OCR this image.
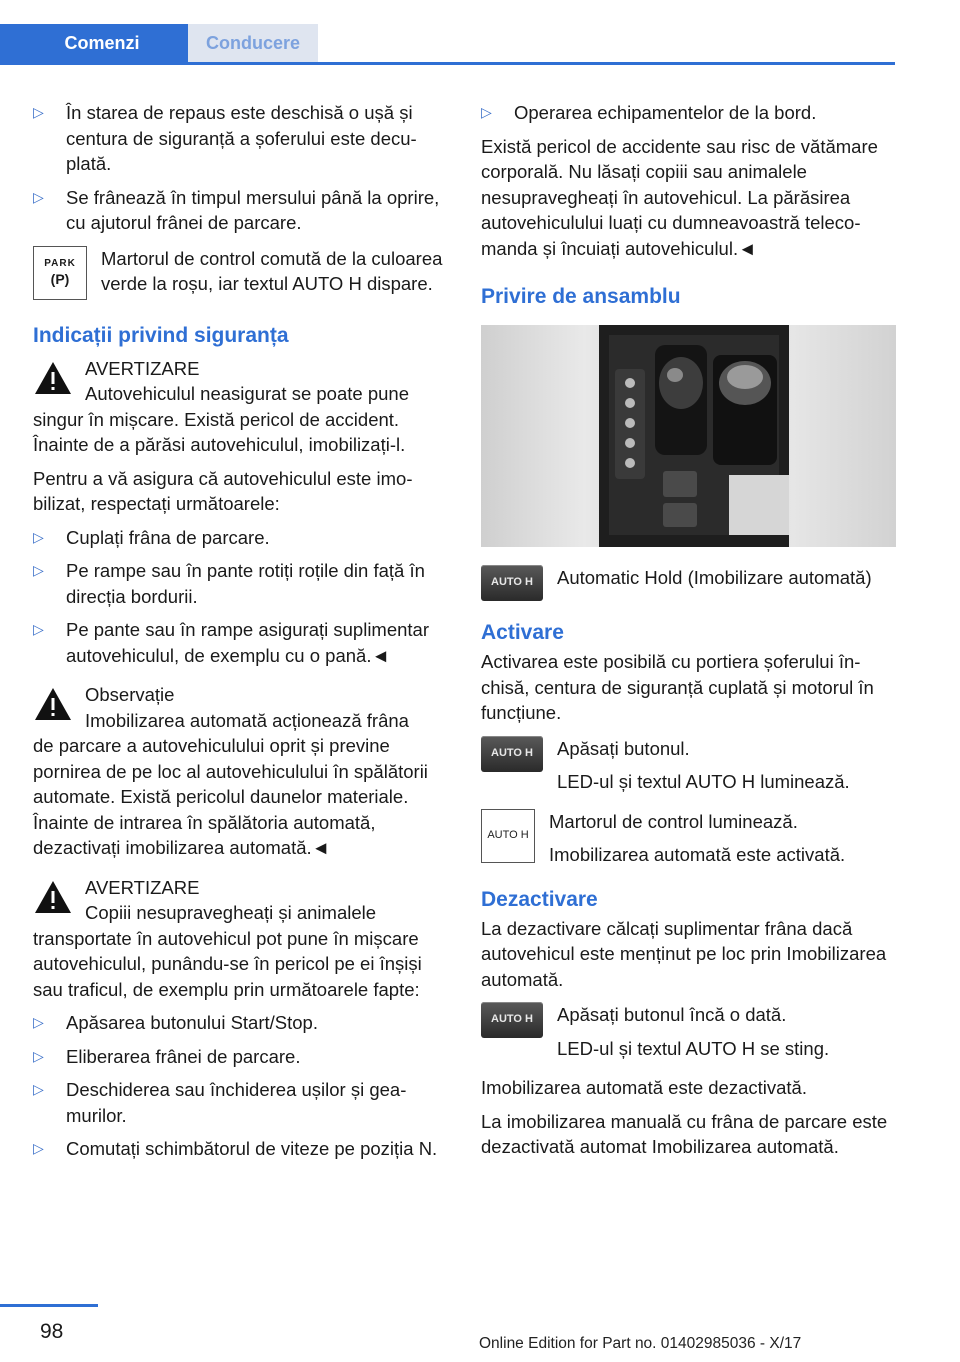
Comenzi	Conducere
▷	În starea de repaus este deschisă o ușă și centura de siguranță a șoferului este decuplată.
▷	Se frânează în timpul mersului până la oprire, cu ajutorul frânei de parcare.
PARK
(P)
Martorul de control comută de la culoarea verde la roșu, iar textul AUTO H dispare.
Indicații privind siguranța
AVERTIZARE
Autovehiculul neasigurat se poate pune
singur în mișcare. Există pericol de accident. Înainte de a părăsi autovehiculul, imobilizați-l.

Pentru a vă asigura că autovehiculul este imobilizat, respectați următoarele:

▷	Cuplați frâna de parcare.
▷	Pe rampe sau în pante rotiți roțile din față în direcția bordurii.
▷	Pe pante sau în rampe asigurați suplimentar autovehiculul, de exemplu cu o pană.◄
Observație
Imobilizarea automată acționează frâna
de parcare a autovehiculului oprit și previne pornirea de pe loc al autovehiculului în spălătorii automate. Există pericolul daunelor materiale. Înainte de intrarea în spălătoria automată, dezactivați imobilizarea automată.◄
AVERTIZARE
Copiii nesupravegheați și animalele
transportate în autovehicul pot pune în mișcare autovehiculul, punându-se în pericol pe ei înșiși sau traficul, de exemplu prin următoarele fapte:
▷	Apăsarea butonului Start/Stop.
▷	Eliberarea frânei de parcare.
▷	Deschiderea sau închiderea ușilor și geamurilor.
▷	Comutați schimbătorul de viteze pe poziția N.
▷	Operarea echipamentelor de la bord.

Există pericol de accidente sau risc de vătămare corporală. Nu lăsați copiii sau animalele nesupravegheați în autovehicul. La părăsirea autovehiculului luați cu dumneavoastră telecomanda și încuiați autovehiculul.◄

Privire de ansamblu
AUTO H	Automatic Hold (Imobilizare automată)
Activare

Activarea este posibilă cu portiera șoferului închisă, centura de siguranță cuplată și motorul în funcțiune.

AUTO H	Apăsați butonul.
LED-ul și textul AUTO H luminează.
AUTO H
Martorul de control luminează.
Imobilizarea automată este activată.
Dezactivare

La dezactivare călcați suplimentar frâna dacă autovehicul este menținut pe loc prin Imobilizarea automată.

AUTO H	Apăsați butonul încă o dată.
LED-ul și textul AUTO H se sting.

Imobilizarea automată este dezactivată.

La imobilizarea manuală cu frâna de parcare este dezactivată automat Imobilizarea automată.

98
Online Edition for Part no. 01402985036 - X/17
